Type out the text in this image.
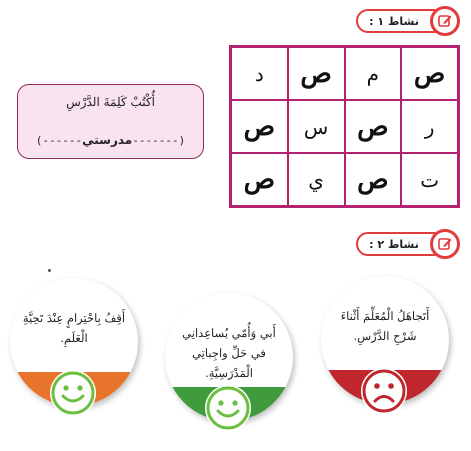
نشاط ١ :
د	ص	م	ص
ص	س	ص	ر
ص	ي	ص	ت
أُكْتُبْ كَلِمَةَ الدَّرْسِ
(------مدرستي-------)
نشاط ٢ :
أَتَجاهَلُ الْمُعَلِّمَ أَثْناءَ شَرْحِ الدَّرْسِ.
أَبي وَأُمّي يُساعِدانِي في حَلِّ واجِباتِي الْمَدْرَسِيَّةِ.
أَقِفُ بِاحْتِرامٍ عِنْدَ تَحِيَّةِ الْعَلَمِ.
